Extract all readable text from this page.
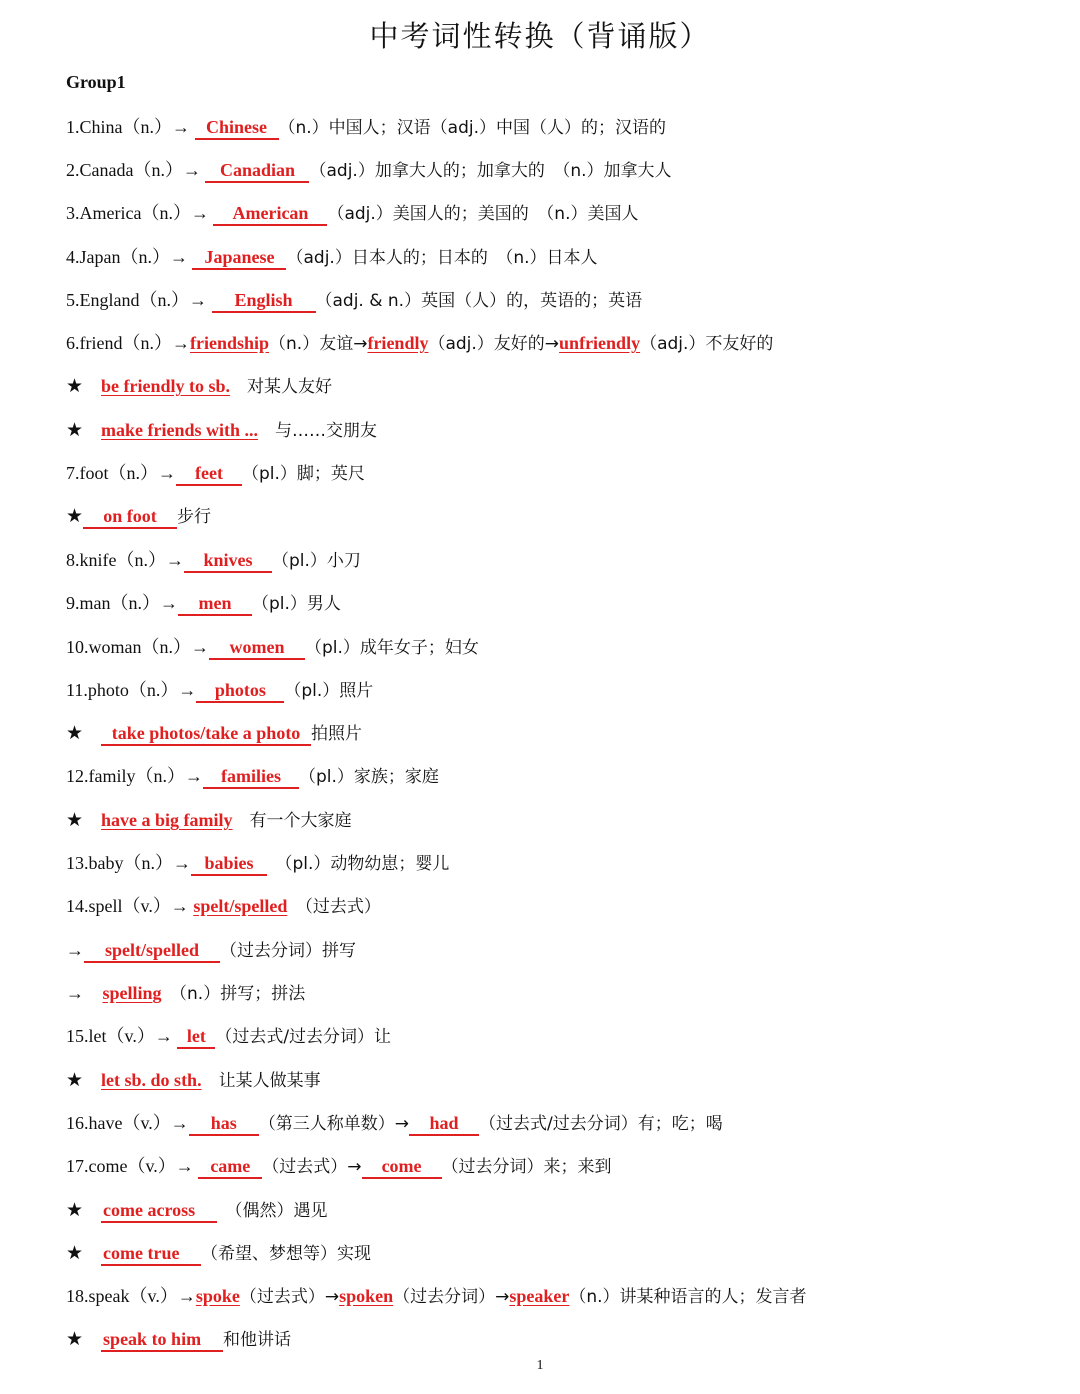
中考词性转换（背诵版）
Group1
1.China（n.）→ Chinese （n.）中国人；汉语（adj.）中国（人）的；汉语的
2.Canada（n.）→ Canadian （adj.）加拿大人的；加拿大的　（n.）加拿大人
3.America（n.）→ American （adj.）美国人的；美国的　（n.）美国人
4.Japan（n.）→ Japanese （adj.）日本人的；日本的　（n.）日本人
5.England（n.）→ English （adj. & n.）英国（人）的，英语的；英语
6.friend（n.）→friendship（n.）友谊→friendly（adj.）友好的→unfriendly（adj.）不友好的
★ be friendly to sb.　对某人友好
★ make friends with ...　与……交朋友
7.foot（n.）→ feet （pl.）脚；英尺
★ on foot 步行
8.knife（n.）→ knives （pl.）小刀
9.man（n.）→ men （pl.）男人
10.woman（n.）→ women （pl.）成年女子；妇女
11.photo（n.）→ photos （pl.）照片
★ take photos/take a photo 拍照片
12.family（n.）→ families （pl.）家族；家庭
★ have a big family　有一个大家庭
13.baby（n.）→ babies　（pl.）动物幼崽；婴儿
14.spell（v.）→ spelt/spelled　（过去式）
→ spelt/spelled （过去分词）拼写
→ spelling　（n.）拼写；拼法
15.let（v.）→ let （过去式/过去分词）让
★ let sb. do sth.　让某人做某事
16.have（v.）→ has （第三人称单数）→ had （过去式/过去分词）有；吃；喝
17.come（v.）→ came （过去式）→ come （过去分词）来；来到
★ come across　（偶然）遇见
★ come true （希望、梦想等）实现
18.speak（v.）→spoke（过去式）→spoken（过去分词）→speaker（n.）讲某种语言的人；发言者
★ speak to him 和他讲话
1
